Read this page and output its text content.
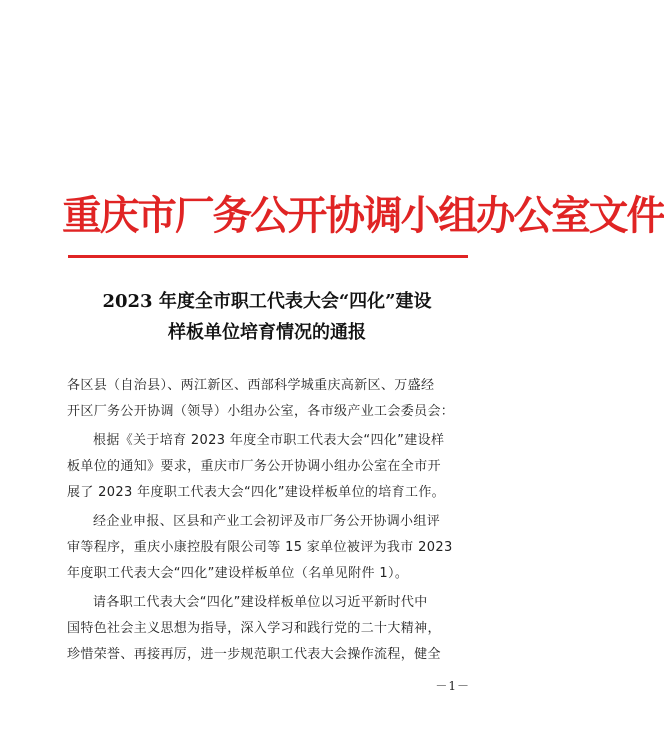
重庆市厂务公开协调小组办公室文件
2023 年度全市职工代表大会“四化”建设
样板单位培育情况的通报
各区县（自治县）、两江新区、西部科学城重庆高新区、万盛经
开区厂务公开协调（领导）小组办公室，各市级产业工会委员会：
根据《关于培育 2023 年度全市职工代表大会“四化”建设样
板单位的通知》要求，重庆市厂务公开协调小组办公室在全市开
展了 2023 年度职工代表大会“四化”建设样板单位的培育工作。
经企业申报、区县和产业工会初评及市厂务公开协调小组评
审等程序，重庆小康控股有限公司等 15 家单位被评为我市 2023
年度职工代表大会“四化”建设样板单位（名单见附件 1）。
请各职工代表大会“四化”建设样板单位以习近平新时代中
国特色社会主义思想为指导，深入学习和践行党的二十大精神，
珍惜荣誉、再接再厉，进一步规范职工代表大会操作流程，健全
－1－
